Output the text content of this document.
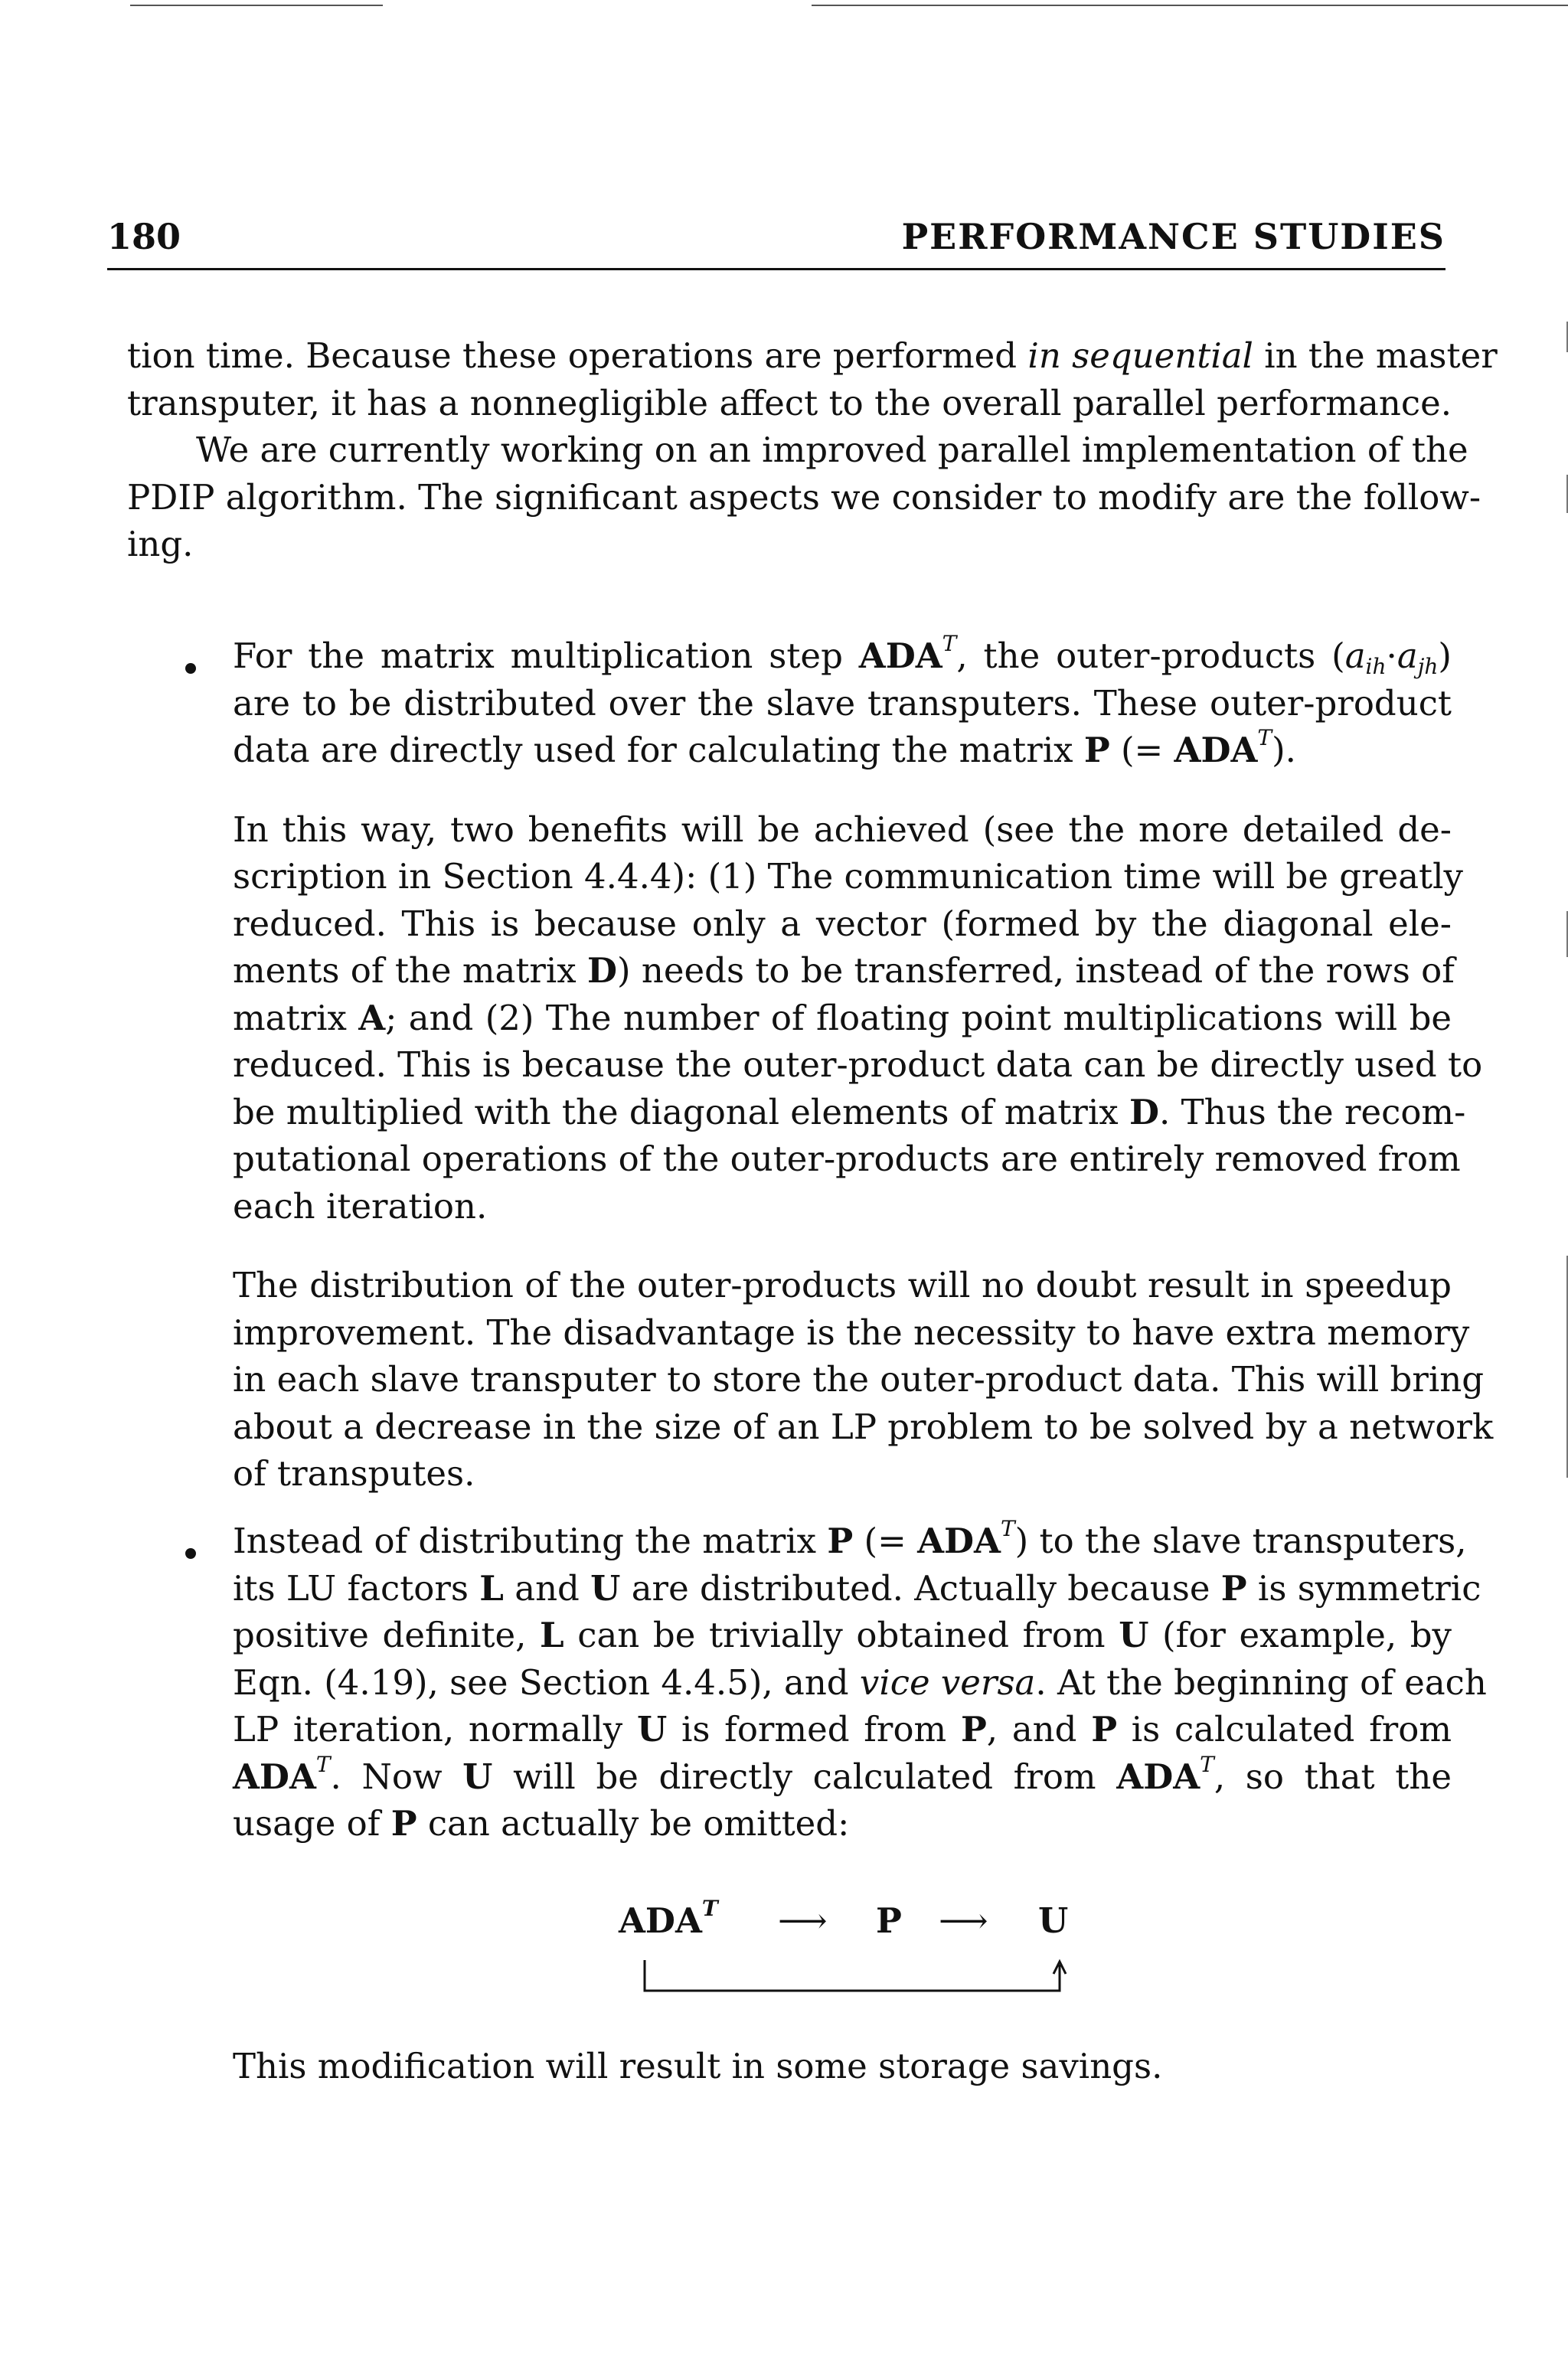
180	PERFORMANCE STUDIES
tion time. Because these operations are performed in sequential in the master
transputer, it has a nonnegligible affect to the overall parallel performance.
We are currently working on an improved parallel implementation of the
PDIP algorithm. The significant aspects we consider to modify are the follow-
ing.
For the matrix multiplication step $ADA^T$, the outer-products $(a_{ih}\cdot a_{jh})$
are to be distributed over the slave transputers. These outer-product
data are directly used for calculating the matrix P (= $ADA^T$).
In this way, two benefits will be achieved (see the more detailed de-
scription in Section 4.4.4): (1) The communication time will be greatly
reduced. This is because only a vector (formed by the diagonal ele-
ments of the matrix D) needs to be transferred, instead of the rows of
matrix A; and (2) The number of floating point multiplications will be
reduced. This is because the outer-product data can be directly used to
be multiplied with the diagonal elements of matrix D. Thus the recom-
putational operations of the outer-products are entirely removed from
each iteration.
The distribution of the outer-products will no doubt result in speedup
improvement. The disadvantage is the necessity to have extra memory
in each slave transputer to store the outer-product data. This will bring
about a decrease in the size of an LP problem to be solved by a network
of transputes.
Instead of distributing the matrix P (= $ADA^T$) to the slave transputers,
its LU factors L and U are distributed. Actually because P is symmetric
positive definite, L can be trivially obtained from U (for example, by
Eqn. (4.19), see Section 4.4.5), and vice versa. At the beginning of each
LP iteration, normally U is formed from P, and P is calculated from
$ADA^T$. Now U will be directly calculated from $ADA^T$, so that the
usage of P can actually be omitted:
$ADA^T$ ⟶ P ⟶ U
This modification will result in some storage savings.
